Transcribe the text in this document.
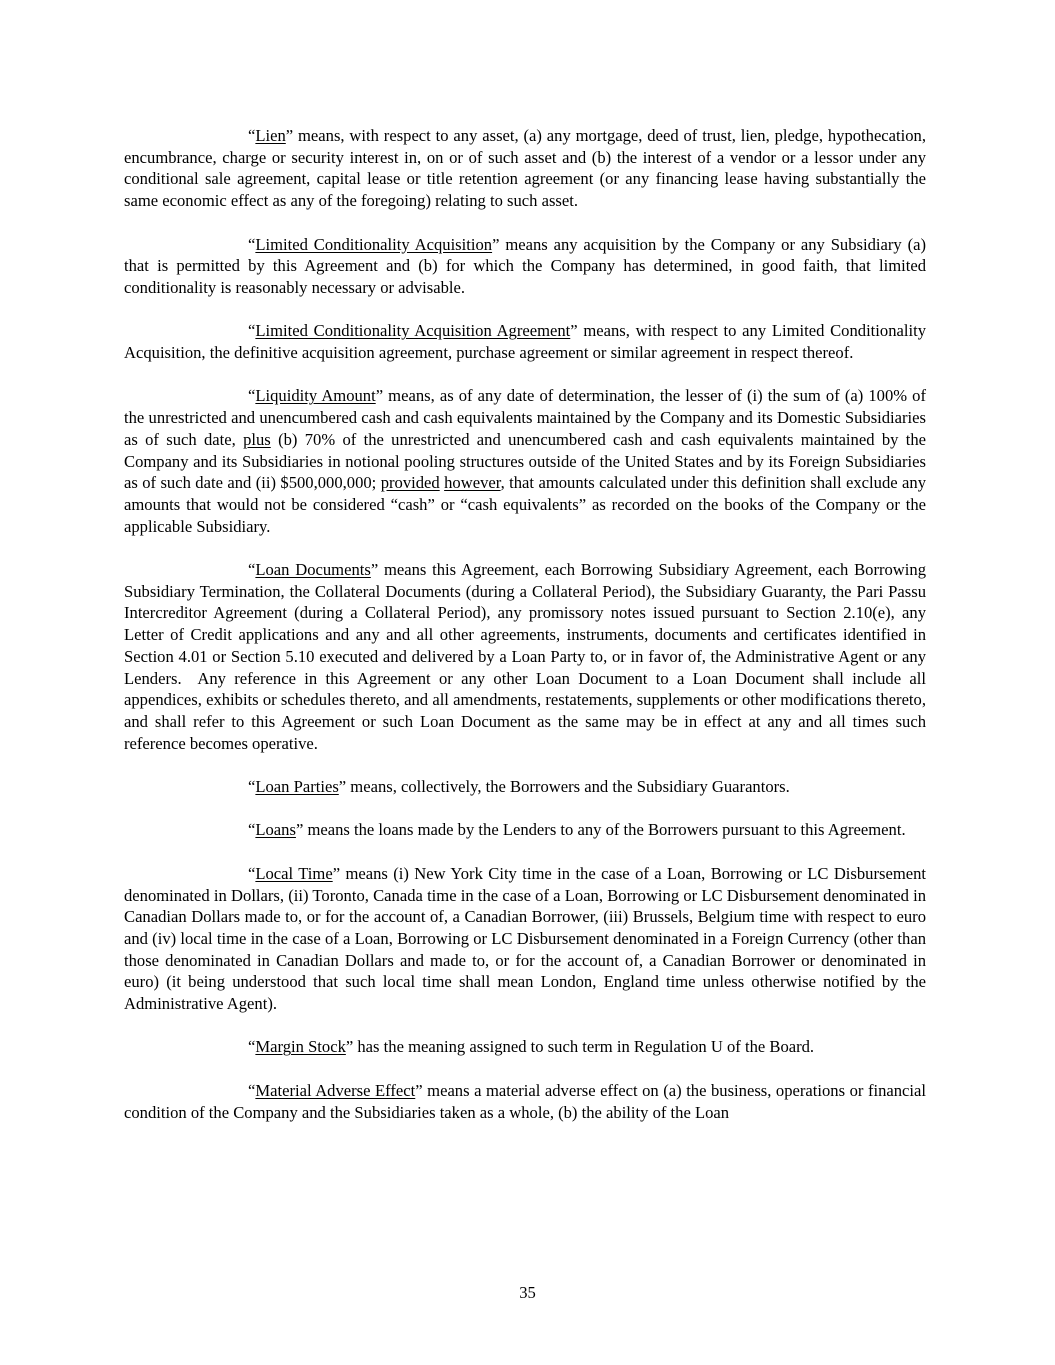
“Lien” means, with respect to any asset, (a) any mortgage, deed of trust, lien, pledge, hypothecation, encumbrance, charge or security interest in, on or of such asset and (b) the interest of a vendor or a lessor under any conditional sale agreement, capital lease or title retention agreement (or any financing lease having substantially the same economic effect as any of the foregoing) relating to such asset.

“Limited Conditionality Acquisition” means any acquisition by the Company or any Subsidiary (a) that is permitted by this Agreement and (b) for which the Company has determined, in good faith, that limited conditionality is reasonably necessary or advisable.

“Limited Conditionality Acquisition Agreement” means, with respect to any Limited Conditionality Acquisition, the definitive acquisition agreement, purchase agreement or similar agreement in respect thereof.

“Liquidity Amount” means, as of any date of determination, the lesser of (i) the sum of (a) 100% of the unrestricted and unencumbered cash and cash equivalents maintained by the Company and its Domestic Subsidiaries as of such date, plus (b) 70% of the unrestricted and unencumbered cash and cash equivalents maintained by the Company and its Subsidiaries in notional pooling structures outside of the United States and by its Foreign Subsidiaries as of such date and (ii) $500,000,000; provided however, that amounts calculated under this definition shall exclude any amounts that would not be considered “cash” or “cash equivalents” as recorded on the books of the Company or the applicable Subsidiary.

“Loan Documents” means this Agreement, each Borrowing Subsidiary Agreement, each Borrowing Subsidiary Termination, the Collateral Documents (during a Collateral Period), the Subsidiary Guaranty, the Pari Passu Intercreditor Agreement (during a Collateral Period), any promissory notes issued pursuant to Section 2.10(e), any Letter of Credit applications and any and all other agreements, instruments, documents and certificates identified in Section 4.01 or Section 5.10 executed and delivered by a Loan Party to, or in favor of, the Administrative Agent or any Lenders.  Any reference in this Agreement or any other Loan Document to a Loan Document shall include all appendices, exhibits or schedules thereto, and all amendments, restatements, supplements or other modifications thereto, and shall refer to this Agreement or such Loan Document as the same may be in effect at any and all times such reference becomes operative.

“Loan Parties” means, collectively, the Borrowers and the Subsidiary Guarantors.

“Loans” means the loans made by the Lenders to any of the Borrowers pursuant to this Agreement.

“Local Time” means (i) New York City time in the case of a Loan, Borrowing or LC Disbursement denominated in Dollars, (ii) Toronto, Canada time in the case of a Loan, Borrowing or LC Disbursement denominated in Canadian Dollars made to, or for the account of, a Canadian Borrower, (iii) Brussels, Belgium time with respect to euro and (iv) local time in the case of a Loan, Borrowing or LC Disbursement denominated in a Foreign Currency (other than those denominated in Canadian Dollars and made to, or for the account of, a Canadian Borrower or denominated in euro) (it being understood that such local time shall mean London, England time unless otherwise notified by the Administrative Agent).

“Margin Stock” has the meaning assigned to such term in Regulation U of the Board.

“Material Adverse Effect” means a material adverse effect on (a) the business, operations or financial condition of the Company and the Subsidiaries taken as a whole, (b) the ability of the Loan

35
